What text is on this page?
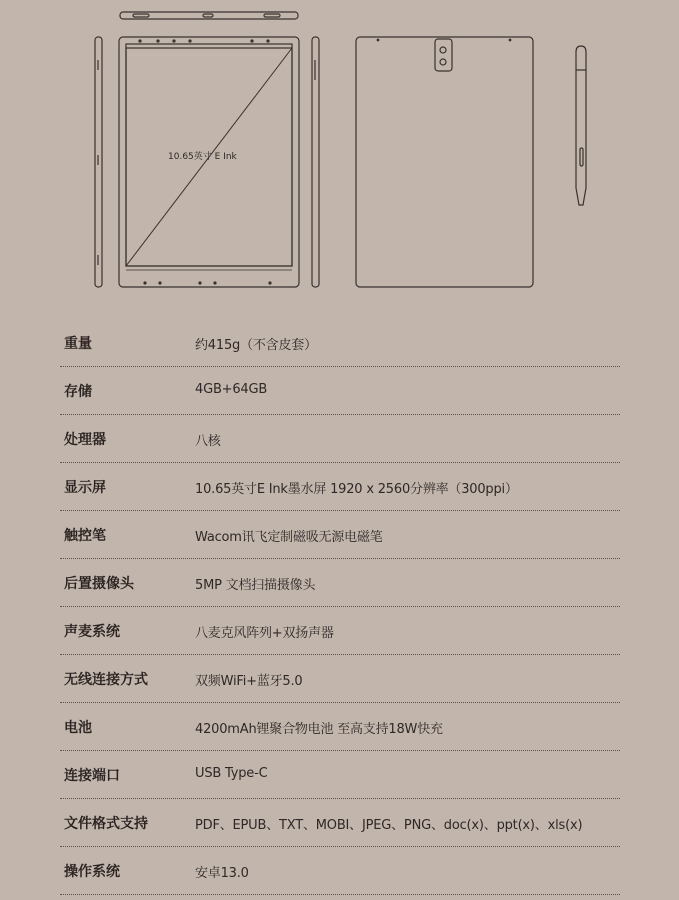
10.65英寸 E Ink
重量	约415g（不含皮套）
存储	4GB+64GB
处理器	八核
显示屏	10.65英寸E Ink墨水屏 1920 x 2560分辨率（300ppi）
触控笔	Wacom讯飞定制磁吸无源电磁笔
后置摄像头	5MP 文档扫描摄像头
声麦系统	八麦克风阵列+双扬声器
无线连接方式	双频WiFi+蓝牙5.0
电池	4200mAh锂聚合物电池 至高支持18W快充
连接端口	USB Type-C
文件格式支持	PDF、EPUB、TXT、MOBI、JPEG、PNG、doc(x)、ppt(x)、xls(x)
操作系统	安卓13.0
